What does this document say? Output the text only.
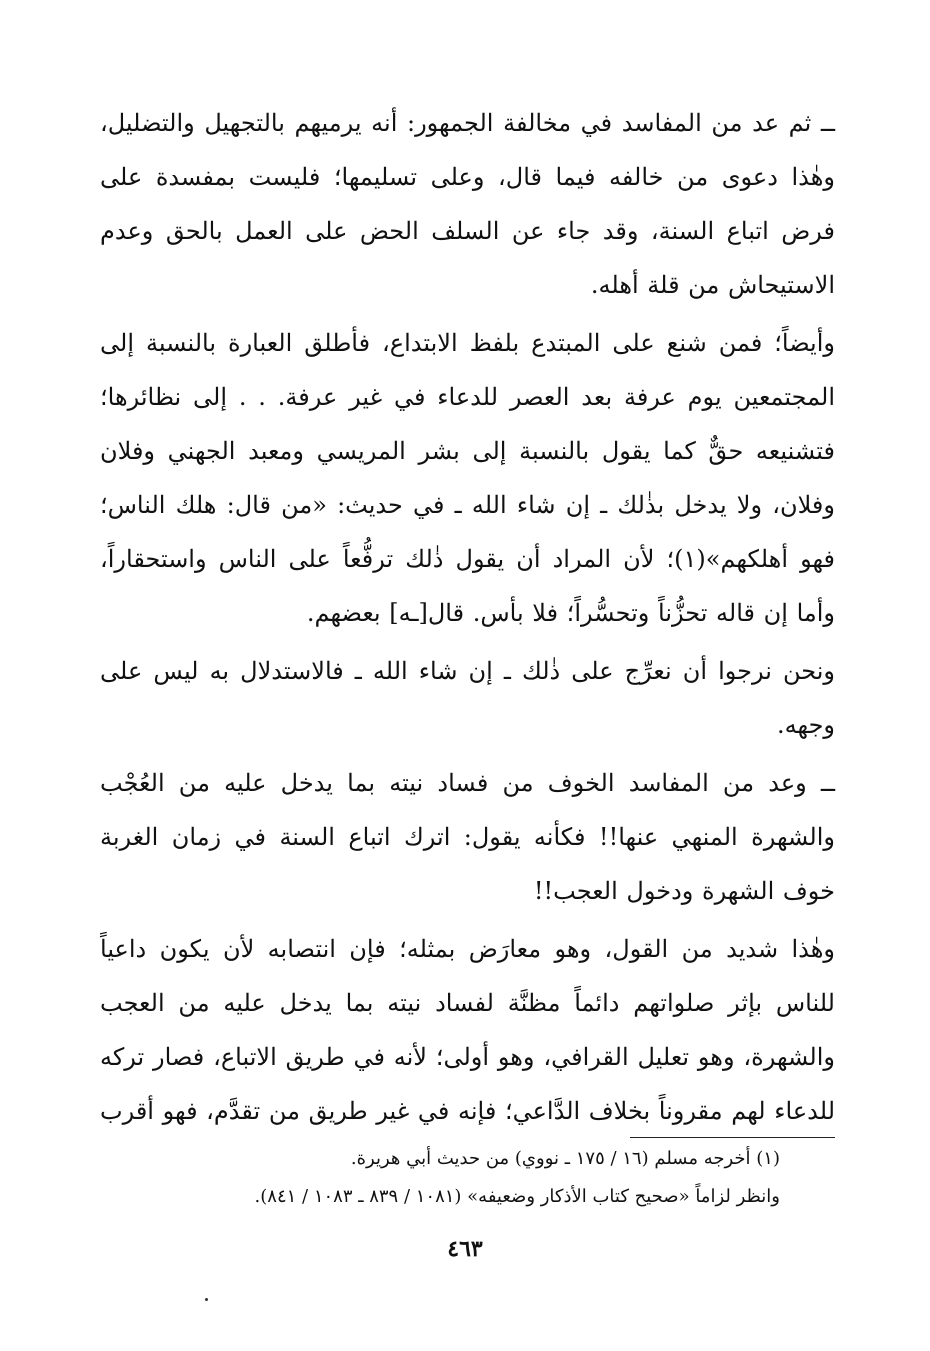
ــ ثم عد من المفاسد في مخالفة الجمهور: أنه يرميهم بالتجهيل والتضليل، وهٰذا دعوى من خالفه فيما قال، وعلى تسليمها؛ فليست بمفسدة على فرض اتباع السنة، وقد جاء عن السلف الحض على العمل بالحق وعدم الاستيحاش من قلة أهله.

وأيضاً؛ فمن شنع على المبتدع بلفظ الابتداع، فأطلق العبارة بالنسبة إلى المجتمعين يوم عرفة بعد العصر للدعاء في غير عرفة. . . إلى نظائرها؛ فتشنيعه حقٌّ كما يقول بالنسبة إلى بشر المريسي ومعبد الجهني وفلان وفلان، ولا يدخل بذٰلك ـ إن شاء الله ـ في حديث: «من قال: هلك الناس؛ فهو أهلكهم»(١)؛ لأن المراد أن يقول ذٰلك ترفُّعاً على الناس واستحقاراً، وأما إن قاله تحزُّناً وتحسُّراً؛ فلا بأس. قال[ـه] بعضهم.

ونحن نرجوا أن نعرِّج على ذٰلك ـ إن شاء الله ـ فالاستدلال به ليس على وجهه.

ــ وعد من المفاسد الخوف من فساد نيته بما يدخل عليه من العُجْب والشهرة المنهي عنها!! فكأنه يقول: اترك اتباع السنة في زمان الغربة خوف الشهرة ودخول العجب!!

وهٰذا شديد من القول، وهو معارَض بمثله؛ فإن انتصابه لأن يكون داعياً للناس بإثر صلواتهم دائماً مظنَّة لفساد نيته بما يدخل عليه من العجب والشهرة، وهو تعليل القرافي، وهو أولى؛ لأنه في طريق الاتباع، فصار تركه للدعاء لهم مقروناً بخلاف الدَّاعي؛ فإنه في غير طريق من تقدَّم، فهو أقرب

(١) أخرجه مسلم (١٦ / ١٧٥ ـ نووي) من حديث أبي هريرة.

وانظر لزاماً «صحيح كتاب الأذكار وضعيفه» (١٠٨١ / ٨٣٩ ـ ١٠٨٣ / ٨٤١).

٤٦٣
